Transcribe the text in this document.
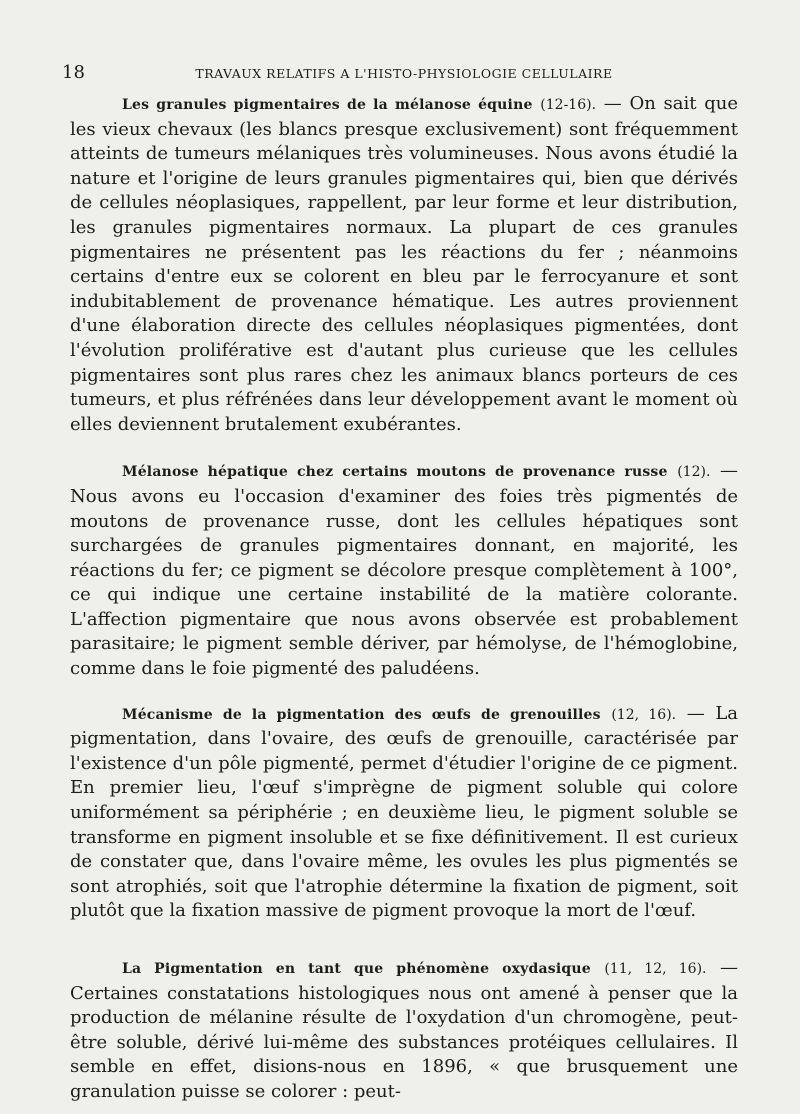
18	TRAVAUX RELATIFS A L'HISTO-PHYSIOLOGIE CELLULAIRE

Les granules pigmentaires de la mélanose équine (12-16). — On sait que les vieux chevaux (les blancs presque exclusivement) sont fréquemment atteints de tumeurs mélaniques très volumineuses. Nous avons étudié la nature et l'origine de leurs granules pigmentaires qui, bien que dérivés de cellules néoplasiques, rappellent, par leur forme et leur distribution, les granules pigmentaires normaux. La plupart de ces granules pigmentaires ne présentent pas les réactions du fer ; néanmoins certains d'entre eux se colorent en bleu par le ferrocyanure et sont indubitablement de provenance hématique. Les autres proviennent d'une élaboration directe des cellules néoplasiques pigmentées, dont l'évolution proliférative est d'autant plus curieuse que les cellules pigmentaires sont plus rares chez les animaux blancs porteurs de ces tumeurs, et plus réfrénées dans leur développement avant le moment où elles deviennent brutalement exubérantes.

Mélanose hépatique chez certains moutons de provenance russe (12). — Nous avons eu l'occasion d'examiner des foies très pigmentés de moutons de provenance russe, dont les cellules hépatiques sont surchargées de granules pigmentaires donnant, en majorité, les réactions du fer; ce pigment se décolore presque complètement à 100°, ce qui indique une certaine instabilité de la matière colorante. L'affection pigmentaire que nous avons observée est probablement parasitaire; le pigment semble dériver, par hémolyse, de l'hémoglobine, comme dans le foie pigmenté des paludéens.

Mécanisme de la pigmentation des œufs de grenouilles (12, 16). — La pigmentation, dans l'ovaire, des œufs de grenouille, caractérisée par l'existence d'un pôle pigmenté, permet d'étudier l'origine de ce pigment. En premier lieu, l'œuf s'imprègne de pigment soluble qui colore uniformément sa périphérie ; en deuxième lieu, le pigment soluble se transforme en pigment insoluble et se fixe définitivement. Il est curieux de constater que, dans l'ovaire même, les ovules les plus pigmentés se sont atrophiés, soit que l'atrophie détermine la fixation de pigment, soit plutôt que la fixation massive de pigment provoque la mort de l'œuf.

La Pigmentation en tant que phénomène oxydasique (11, 12, 16). — Certaines constatations histologiques nous ont amené à penser que la production de mélanine résulte de l'oxydation d'un chromogène, peut-être soluble, dérivé lui-même des substances protéiques cellulaires. Il semble en effet, disions-nous en 1896, « que brusquement une granulation puisse se colorer : peut-
